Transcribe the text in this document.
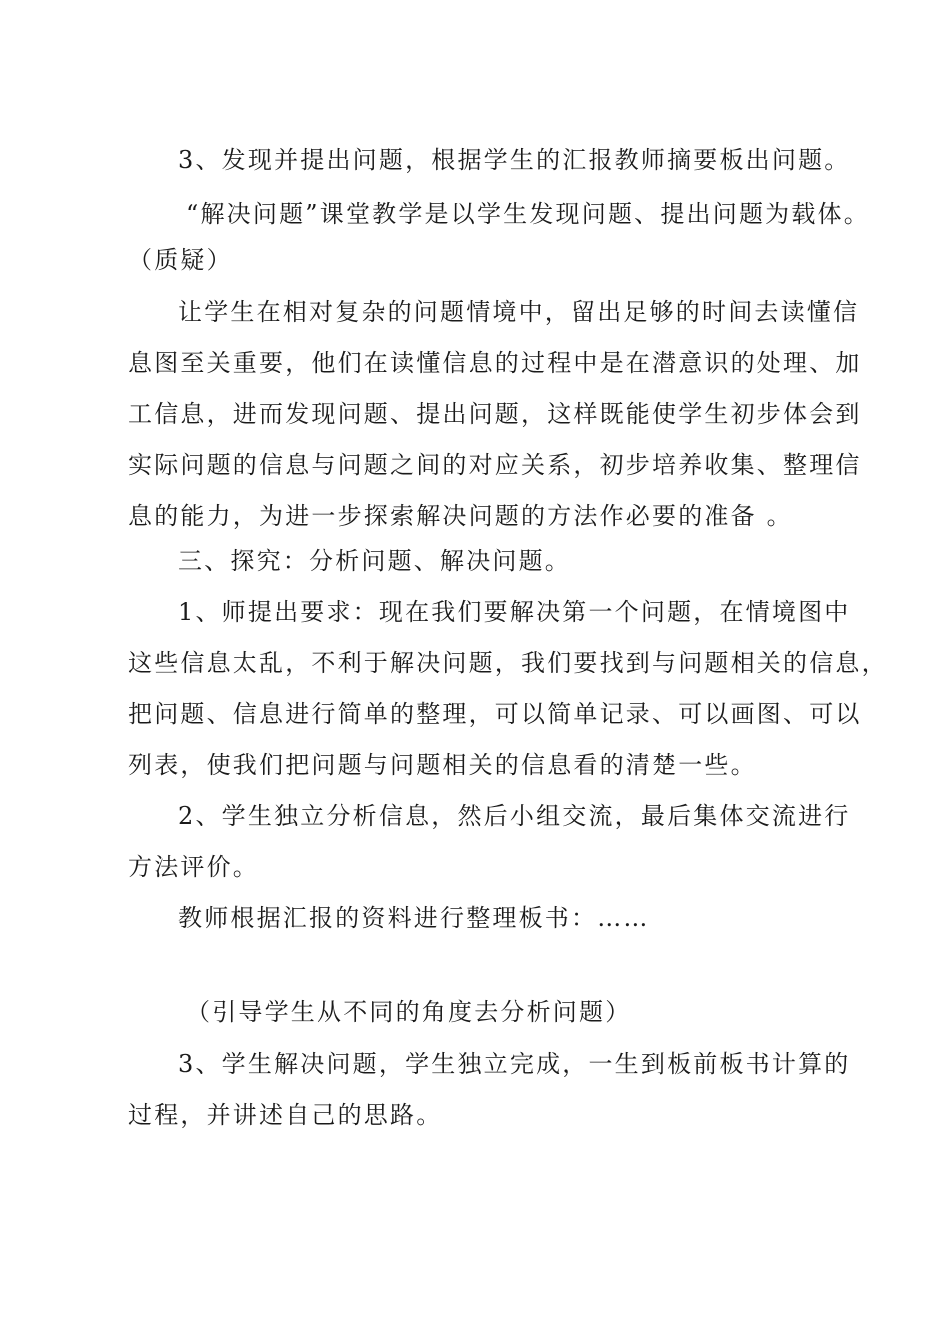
3、发现并提出问题，根据学生的汇报教师摘要板出问题。
“解决问题”课堂教学是以学生发现问题、提出问题为载体。
（质疑）
让学生在相对复杂的问题情境中，留出足够的时间去读懂信
息图至关重要，他们在读懂信息的过程中是在潜意识的处理、加
工信息，进而发现问题、提出问题，这样既能使学生初步体会到
实际问题的信息与问题之间的对应关系，初步培养收集、整理信
息的能力，为进一步探索解决问题的方法作必要的准备 。
三、探究：分析问题、解决问题。
1、师提出要求：现在我们要解决第一个问题，在情境图中
这些信息太乱，不利于解决问题，我们要找到与问题相关的信息，
把问题、信息进行简单的整理，可以简单记录、可以画图、可以
列表，使我们把问题与问题相关的信息看的清楚一些。
2、学生独立分析信息，然后小组交流，最后集体交流进行
方法评价。
教师根据汇报的资料进行整理板书：……
（引导学生从不同的角度去分析问题）
3、学生解决问题，学生独立完成，一生到板前板书计算的
过程，并讲述自己的思路。
